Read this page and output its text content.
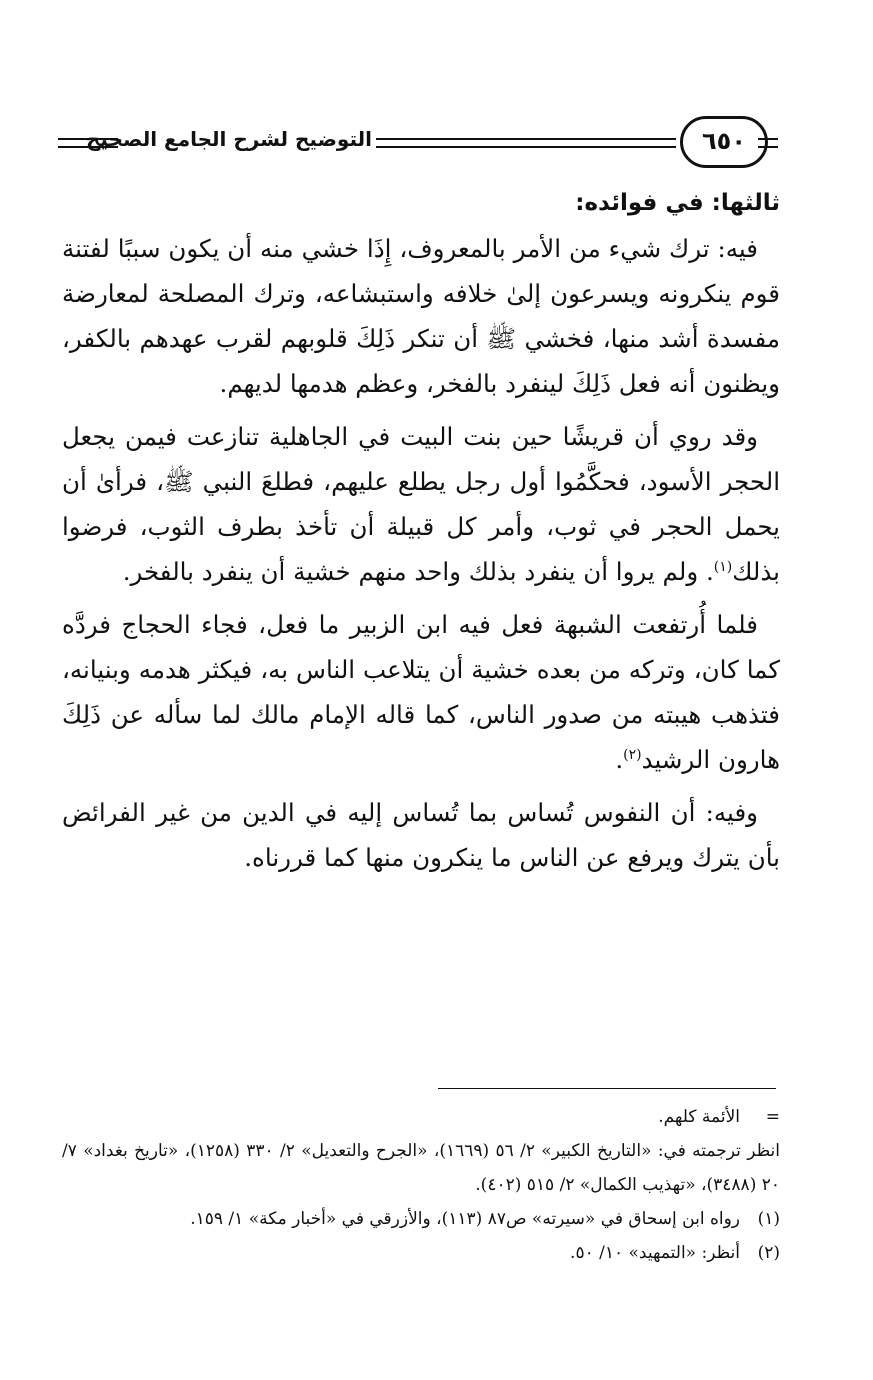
التوضيح لشرح الجامع الصحيح	٦٥٠

ثالثها: في فوائده:

فيه: ترك شيء من الأمر بالمعروف، إِذَا خشي منه أن يكون سببًا لفتنة قوم ينكرونه ويسرعون إلىٰ خلافه واستبشاعه، وترك المصلحة لمعارضة مفسدة أشد منها، فخشي ﷺ أن تنكر ذَلِكَ قلوبهم لقرب عهدهم بالكفر، ويظنون أنه فعل ذَلِكَ لينفرد بالفخر، وعظم هدمها لديهم.

وقد روي أن قريشًا حين بنت البيت في الجاهلية تنازعت فيمن يجعل الحجر الأسود، فحكَّمُوا أول رجل يطلع عليهم، فطلعَ النبي ﷺ، فرأىٰ أن يحمل الحجر في ثوب، وأمر كل قبيلة أن تأخذ بطرف الثوب، فرضوا بذلك$^{(١)}$. ولم يروا أن ينفرد بذلك واحد منهم خشية أن ينفرد بالفخر.

فلما أُرتفعت الشبهة فعل فيه ابن الزبير ما فعل، فجاء الحجاج فردَّه كما كان، وتركه من بعده خشية أن يتلاعب الناس به، فيكثر هدمه وبنيانه، فتذهب هيبته من صدور الناس، كما قاله الإمام مالك لما سأله عن ذَلِكَ هارون الرشيد$^{(٢)}$.

وفيه: أن النفوس تُساس بما تُساس إليه في الدين من غير الفرائض بأن يترك ويرفع عن الناس ما ينكرون منها كما قررناه.

=الأئمة كلهم.

انظر ترجمته في: «التاريخ الكبير» ٢/ ٥٦ (١٦٦٩)، «الجرح والتعديل» ٢/ ٣٣٠ (١٢٥٨)، «تاريخ بغداد» ٧/ ٢٠ (٣٤٨٨)، «تهذيب الكمال» ٢/ ٥١٥ (٤٠٢).

(١)رواه ابن إسحاق في «سيرته» ص٨٧ (١١٣)، والأزرقي في «أخبار مكة» ١/ ١٥٩.

(٢)أنظر: «التمهيد» ١٠/ ٥٠.
